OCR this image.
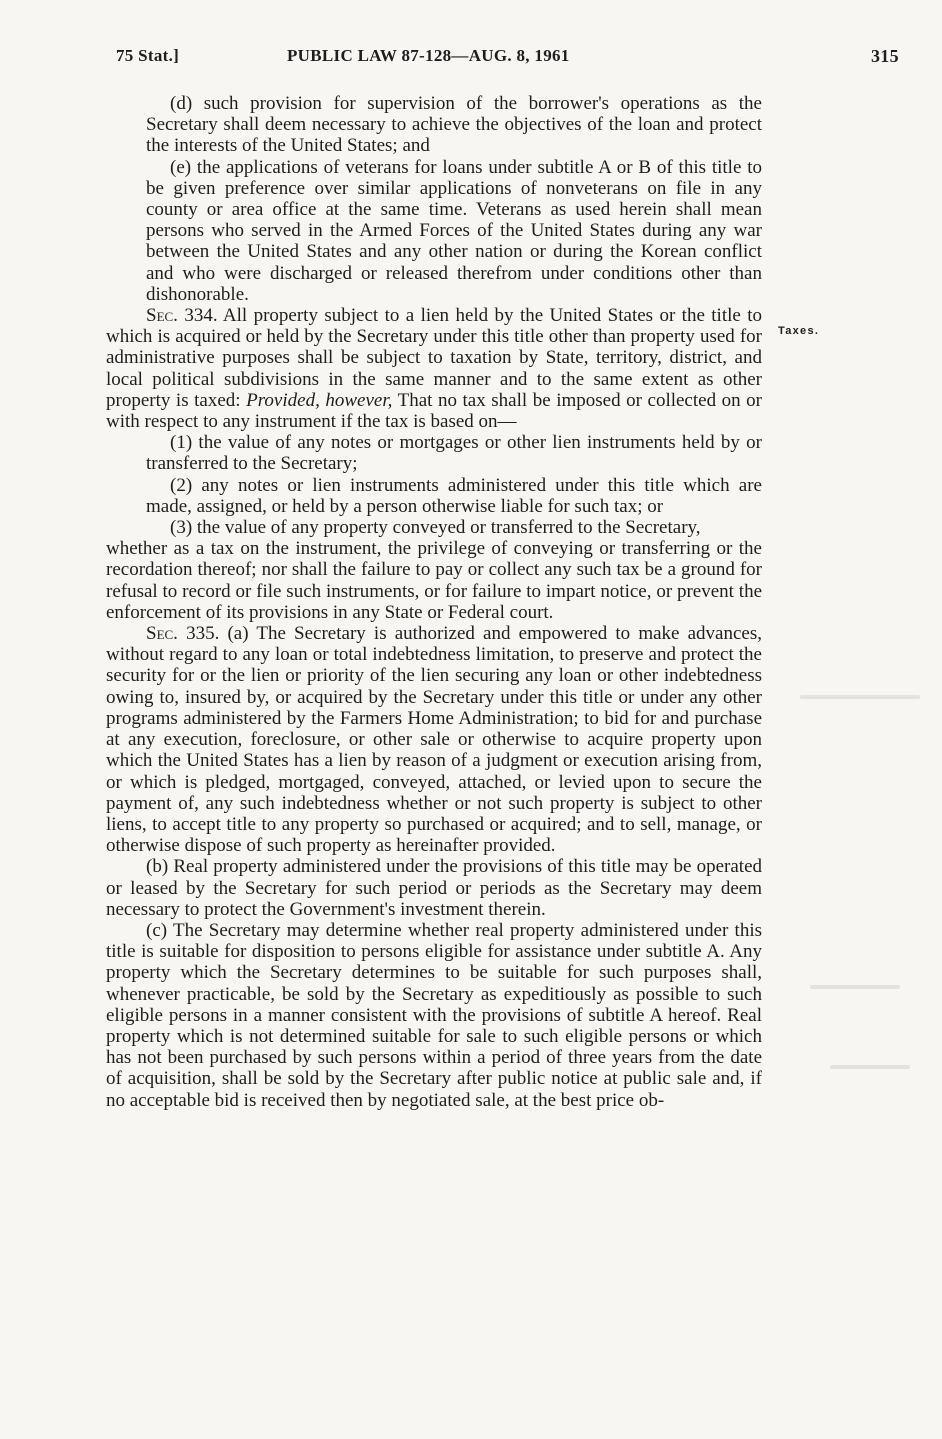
75 Stat.]	PUBLIC LAW 87-128—AUG. 8, 1961	315
Taxes.

(d) such provision for supervision of the borrower's operations as the Secretary shall deem necessary to achieve the objectives of the loan and protect the interests of the United States; and

(e) the applications of veterans for loans under subtitle A or B of this title to be given preference over similar applications of nonveterans on file in any county or area office at the same time. Veterans as used herein shall mean persons who served in the Armed Forces of the United States during any war between the United States and any other nation or during the Korean conflict and who were discharged or released therefrom under conditions other than dishonorable.

Sec. 334. All property subject to a lien held by the United States or the title to which is acquired or held by the Secretary under this title other than property used for administrative purposes shall be subject to taxation by State, territory, district, and local political subdivisions in the same manner and to the same extent as other property is taxed: Provided, however, That no tax shall be imposed or collected on or with respect to any instrument if the tax is based on—

(1) the value of any notes or mortgages or other lien instruments held by or transferred to the Secretary;

(2) any notes or lien instruments administered under this title which are made, assigned, or held by a person otherwise liable for such tax; or

(3) the value of any property conveyed or transferred to the Secretary,

whether as a tax on the instrument, the privilege of conveying or transferring or the recordation thereof; nor shall the failure to pay or collect any such tax be a ground for refusal to record or file such instruments, or for failure to impart notice, or prevent the enforcement of its provisions in any State or Federal court.

Sec. 335. (a) The Secretary is authorized and empowered to make advances, without regard to any loan or total indebtedness limitation, to preserve and protect the security for or the lien or priority of the lien securing any loan or other indebtedness owing to, insured by, or acquired by the Secretary under this title or under any other programs administered by the Farmers Home Administration; to bid for and purchase at any execution, foreclosure, or other sale or otherwise to acquire property upon which the United States has a lien by reason of a judgment or execution arising from, or which is pledged, mortgaged, conveyed, attached, or levied upon to secure the payment of, any such indebtedness whether or not such property is subject to other liens, to accept title to any property so purchased or acquired; and to sell, manage, or otherwise dispose of such property as hereinafter provided.

(b) Real property administered under the provisions of this title may be operated or leased by the Secretary for such period or periods as the Secretary may deem necessary to protect the Government's investment therein.

(c) The Secretary may determine whether real property administered under this title is suitable for disposition to persons eligible for assistance under subtitle A. Any property which the Secretary determines to be suitable for such purposes shall, whenever practicable, be sold by the Secretary as expeditiously as possible to such eligible persons in a manner consistent with the provisions of subtitle A hereof. Real property which is not determined suitable for sale to such eligible persons or which has not been purchased by such persons within a period of three years from the date of acquisition, shall be sold by the Secretary after public notice at public sale and, if no acceptable bid is received then by negotiated sale, at the best price ob-
